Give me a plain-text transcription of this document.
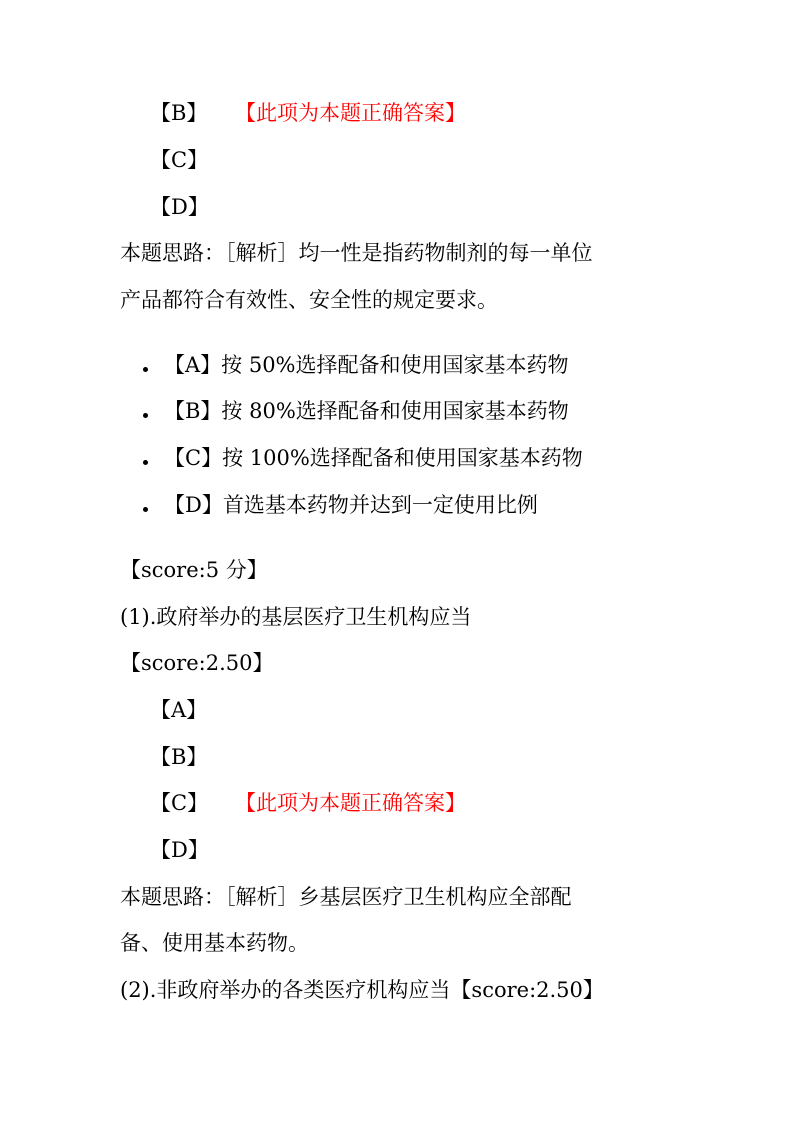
【B】 【此项为本题正确答案】
【C】
【D】
本题思路：［解析］均一性是指药物制剂的每一单位
产品都符合有效性、安全性的规定要求。
【A】按 50%选择配备和使用国家基本药物
【B】按 80%选择配备和使用国家基本药物
【C】按 100%选择配备和使用国家基本药物
【D】首选基本药物并达到一定使用比例
【score:5 分】
(1).政府举办的基层医疗卫生机构应当
【score:2.50】
【A】
【B】
【C】 【此项为本题正确答案】
【D】
本题思路：［解析］乡基层医疗卫生机构应全部配
备、使用基本药物。
(2).非政府举办的各类医疗机构应当【score:2.50】
